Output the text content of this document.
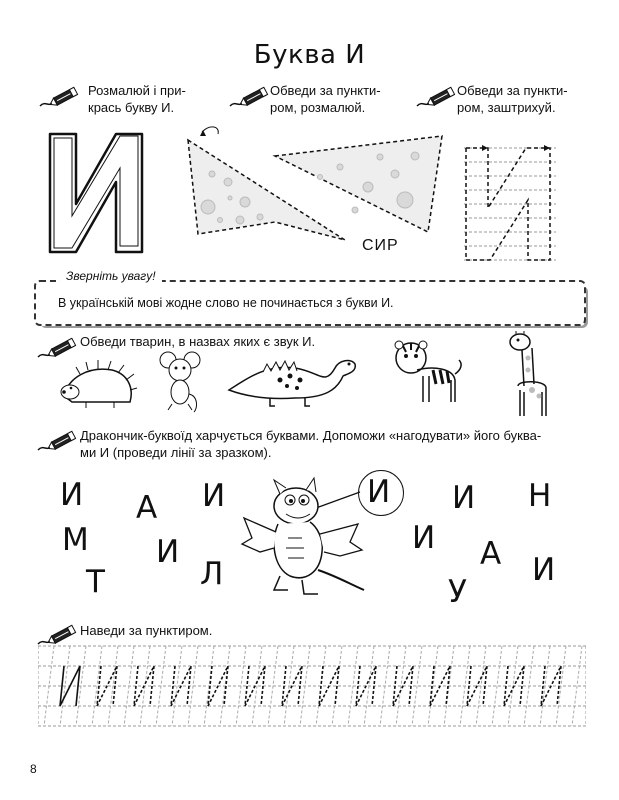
Буква И
Розмалюй і при-
крась букву И.
Обведи за пункти-
ром, розмалюй.
Обведи за пункти-
ром, заштрихуй.
СИР
Зверніть увагу!
В українській мові жодне слово не починається з букви И.
Обведи тварин, в назвах яких є звук И.
Дракончик-буквоїд харчується буквами. Допоможи «нагодувати» його буква-
ми И (проведи лінії за зразком).
И А И
М И
Т	Л
И И Н
И А И
У
Наведи за пунктиром.
8
